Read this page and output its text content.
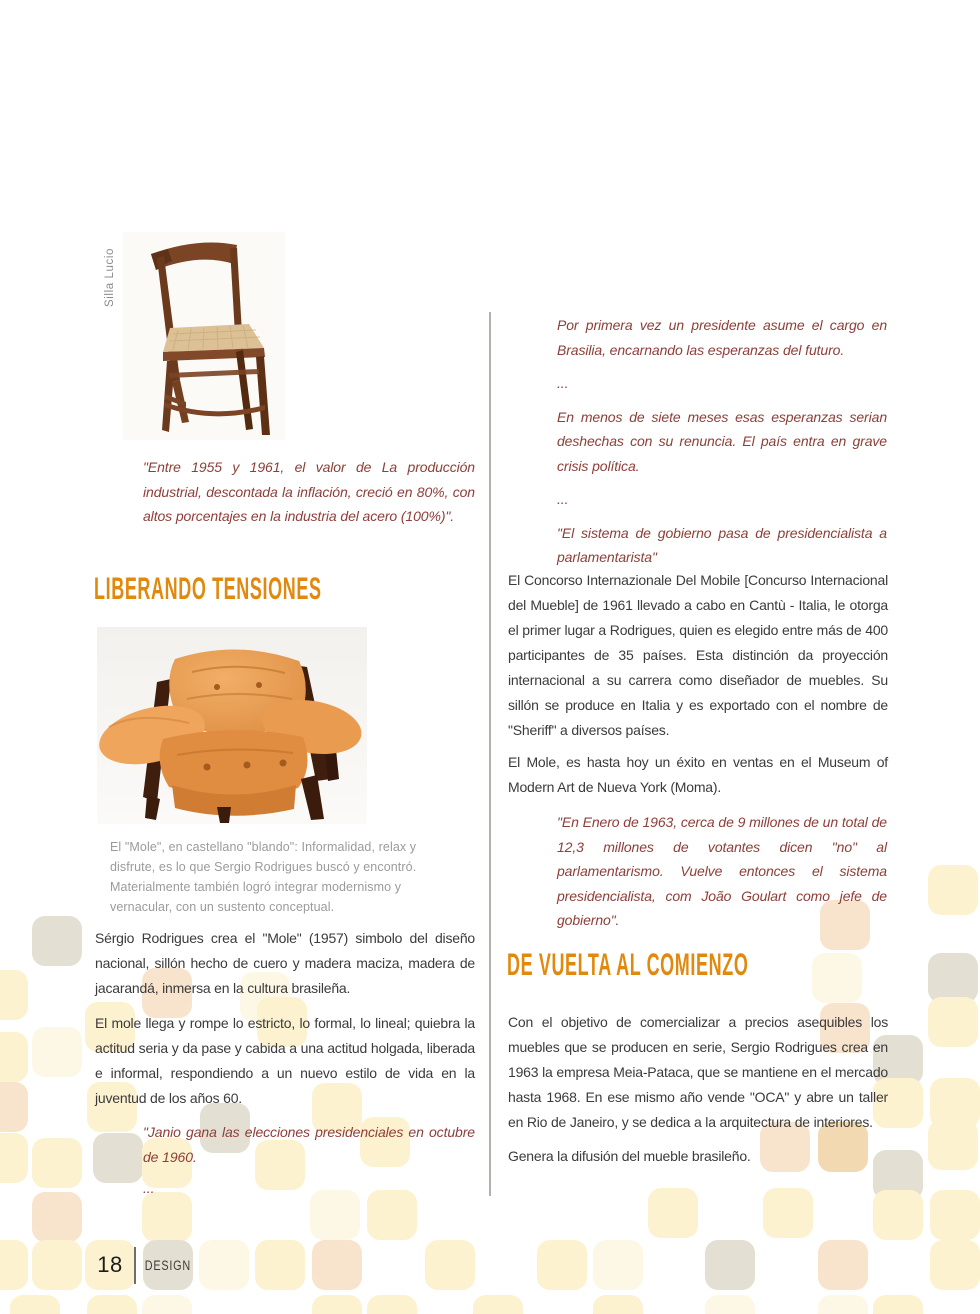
Silla Lucio
"Entre 1955 y 1961, el valor de La producción industrial, descontada la inflación, creció en 80%, con altos porcentajes en la industria del acero (100%)".
LIBERANDO TENSIONES
El "Mole", en castellano "blando": Informalidad, relax y disfrute, es lo que Sergio Rodrigues buscó y encontró. Materialmente también logró integrar modernismo y vernacular, con un sustento conceptual.

Sérgio Rodrigues crea el "Mole" (1957) simbolo del diseño nacional, sillón hecho de cuero y madera maciza, madera de jacarandá, inmersa en la cultura brasileña.

El mole llega y rompe lo estricto, lo formal, lo lineal; quiebra la actitud seria y da pase y cabida a una actitud holgada, liberada e informal, respondiendo a un nuevo estilo de vida en la juventud de los años 60.

"Janio gana las elecciones presidenciales en octubre de 1960.
...

Por primera vez un presidente asume el cargo en Brasilia, encarnando las esperanzas del futuro.

...

En menos de siete meses esas esperanzas serian deshechas con su renuncia. El país entra en grave crisis política.

...

"El sistema de gobierno pasa de presidencialista a parlamentarista"

El Concorso Internazionale Del Mobile [Concurso Internacional del Mueble] de 1961 llevado a cabo en Cantù - Italia, le otorga el primer lugar a Rodrigues, quien es elegido entre más de 400 participantes de 35 países. Esta distinción da proyección internacional a su carrera como diseñador de muebles. Su sillón se produce en Italia y es exportado con el nombre de "Sheriff" a diversos países.

El Mole, es hasta hoy un éxito en ventas en el Museum of Modern Art de Nueva York (Moma).

"En Enero de 1963, cerca de 9 millones de un total de 12,3 millones de votantes dicen "no" al parlamentarismo. Vuelve entonces el sistema presidencialista, com João Goulart como jefe de gobierno".
DE VUELTA AL COMIENZO

Con el objetivo de comercializar a precios asequibles los muebles que se producen en serie, Sergio Rodrigues crea en 1963 la empresa Meia-Pataca, que se mantiene en el mercado hasta 1968. En ese mismo año vende "OCA" y abre un taller en Rio de Janeiro, y se dedica a la arquitectura de interiores.

Genera la difusión del mueble brasileño.

18 DESIGN
